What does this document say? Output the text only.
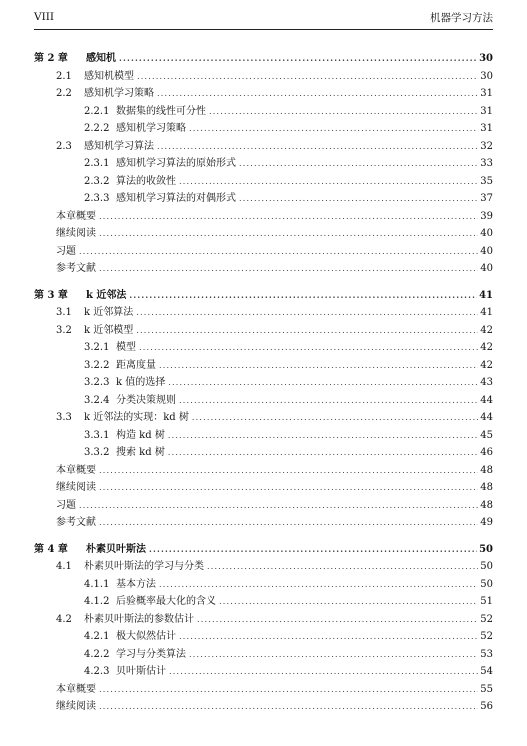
VIII	机器学习方法
第 2 章	感知机 .....	30
2.1	感知机模型 .....	30
2.2	感知机学习策略 .....	31
2.2.1 数据集的线性可分性 .....	31
2.2.2 感知机学习策略 .....	31
2.3	感知机学习算法 .....	32
2.3.1 感知机学习算法的原始形式 .....	33
2.3.2 算法的收敛性 .....	35
2.3.3 感知机学习算法的对偶形式 .....	37
本章概要 .....	39
继续阅读 .....	40
习题 .....	40
参考文献 .....	40
第 3 章	k 近邻法 .....	41
3.1	k 近邻算法 .....	41
3.2	k 近邻模型 .....	42
3.2.1 模型 .....	42
3.2.2 距离度量 .....	42
3.2.3 k 值的选择 .....	43
3.2.4 分类决策规则 .....	44
3.3	k 近邻法的实现：kd 树 .....	44
3.3.1 构造 kd 树 .....	45
3.3.2 搜索 kd 树 .....	46
本章概要 .....	48
继续阅读 .....	48
习题 .....	48
参考文献 .....	49
第 4 章	朴素贝叶斯法 .....	50
4.1	朴素贝叶斯法的学习与分类 .....	50
4.1.1 基本方法 .....	50
4.1.2 后验概率最大化的含义 .....	51
4.2	朴素贝叶斯法的参数估计 .....	52
4.2.1 极大似然估计 .....	52
4.2.2 学习与分类算法 .....	53
4.2.3 贝叶斯估计 .....	54
本章概要 .....	55
继续阅读 .....	56
